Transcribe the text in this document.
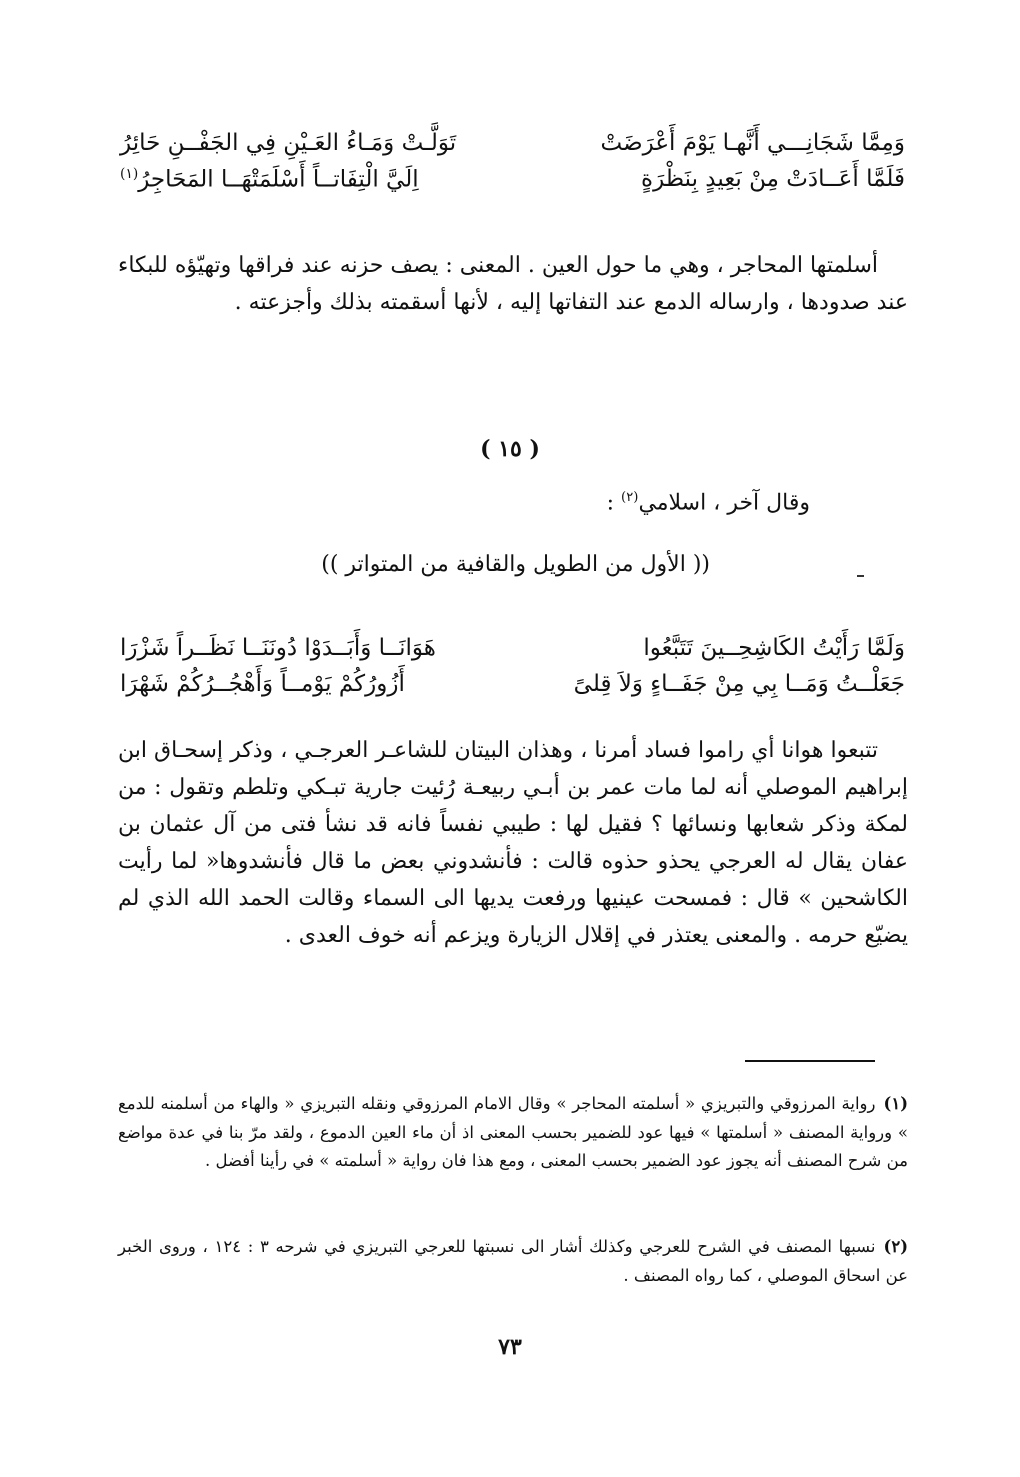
وَمِمَّا شَجَانِـــي أَنَّهـا يَوْمَ أَعْرَضَتْ
تَوَلَّـتْ وَمَـاءُ العَـيْنِ فِي الجَفْــنِ حَائِرُ
فَلَمَّا أَعَــادَتْ مِنْ بَعِيدٍ بِنَظْرَةٍ
اِلَيَّ الْتِفَاتــاً أَسْلَمَتْهَــا المَحَاجِرُ$^{(١)}$
أسلمتها المحاجر ، وهي ما حول العين . المعنى : يصف حزنه عند فراقها وتهيّؤه للبكاء عند صدودها ، وارساله الدمع عند التفاتها إليه ، لأنها أسقمته بذلك وأجزعته .
( ١٥ )
وقال آخر ، اسلامي$^{(٢)}$ :
(( الأول من الطويل والقافية من المتواتر ))
وَلَمَّا رَأَيْتُ الكَاشِحِــينَ تَتَبَّعُوا
هَوَانَــا وَأَبَــدَوْا دُونَنَــا نَظَــراً شَزْرَا
جَعَلْــتُ وَمَــا بِي مِنْ جَفَــاءٍ وَلاَ قِلىً
أَزُورُكُمْ يَوْمــاً وَأَهْجُــرُكُمْ شَهْرَا
تتبعوا هوانا أي راموا فساد أمرنا ، وهذان البيتان للشاعـر العرجـي ، وذكر إسحـاق ابن إبراهيم الموصلي أنه لما مات عمر بن أبـي ربيعـة رُئيت جارية تبـكي وتلطم وتقول : من لمكة وذكر شعابها ونسائها ؟ فقيل لها : طيبي نفساً فانه قد نشأ فتى من آل عثمان بن عفان يقال له العرجي يحذو حذوه قالت : فأنشدوني بعض ما قال فأنشدوها« لما رأيت الكاشحين » قال : فمسحت عينيها ورفعت يديها الى السماء وقالت الحمد الله الذي لم يضيّع حرمه . والمعنى يعتذر في إقلال الزيارة ويزعم أنه خوف العدى .
(١)رواية المرزوقي والتبريزي « أسلمته المحاجر » وقال الامام المرزوقي ونقله التبريزي « والهاء من أسلمنه للدمع » ورواية المصنف « أسلمتها » فيها عود للضمير بحسب المعنى اذ أن ماء العين الدموع ، ولقد مرّ بنا في عدة مواضع من شرح المصنف أنه يجوز عود الضمير بحسب المعنى ، ومع هذا فان رواية « أسلمته » في رأينا أفضل .
(٢)نسبها المصنف في الشرح للعرجي وكذلك أشار الى نسبتها للعرجي التبريزي في شرحه ٣ : ١٢٤ ، وروى الخبر عن اسحاق الموصلي ، كما رواه المصنف .
٧٣
